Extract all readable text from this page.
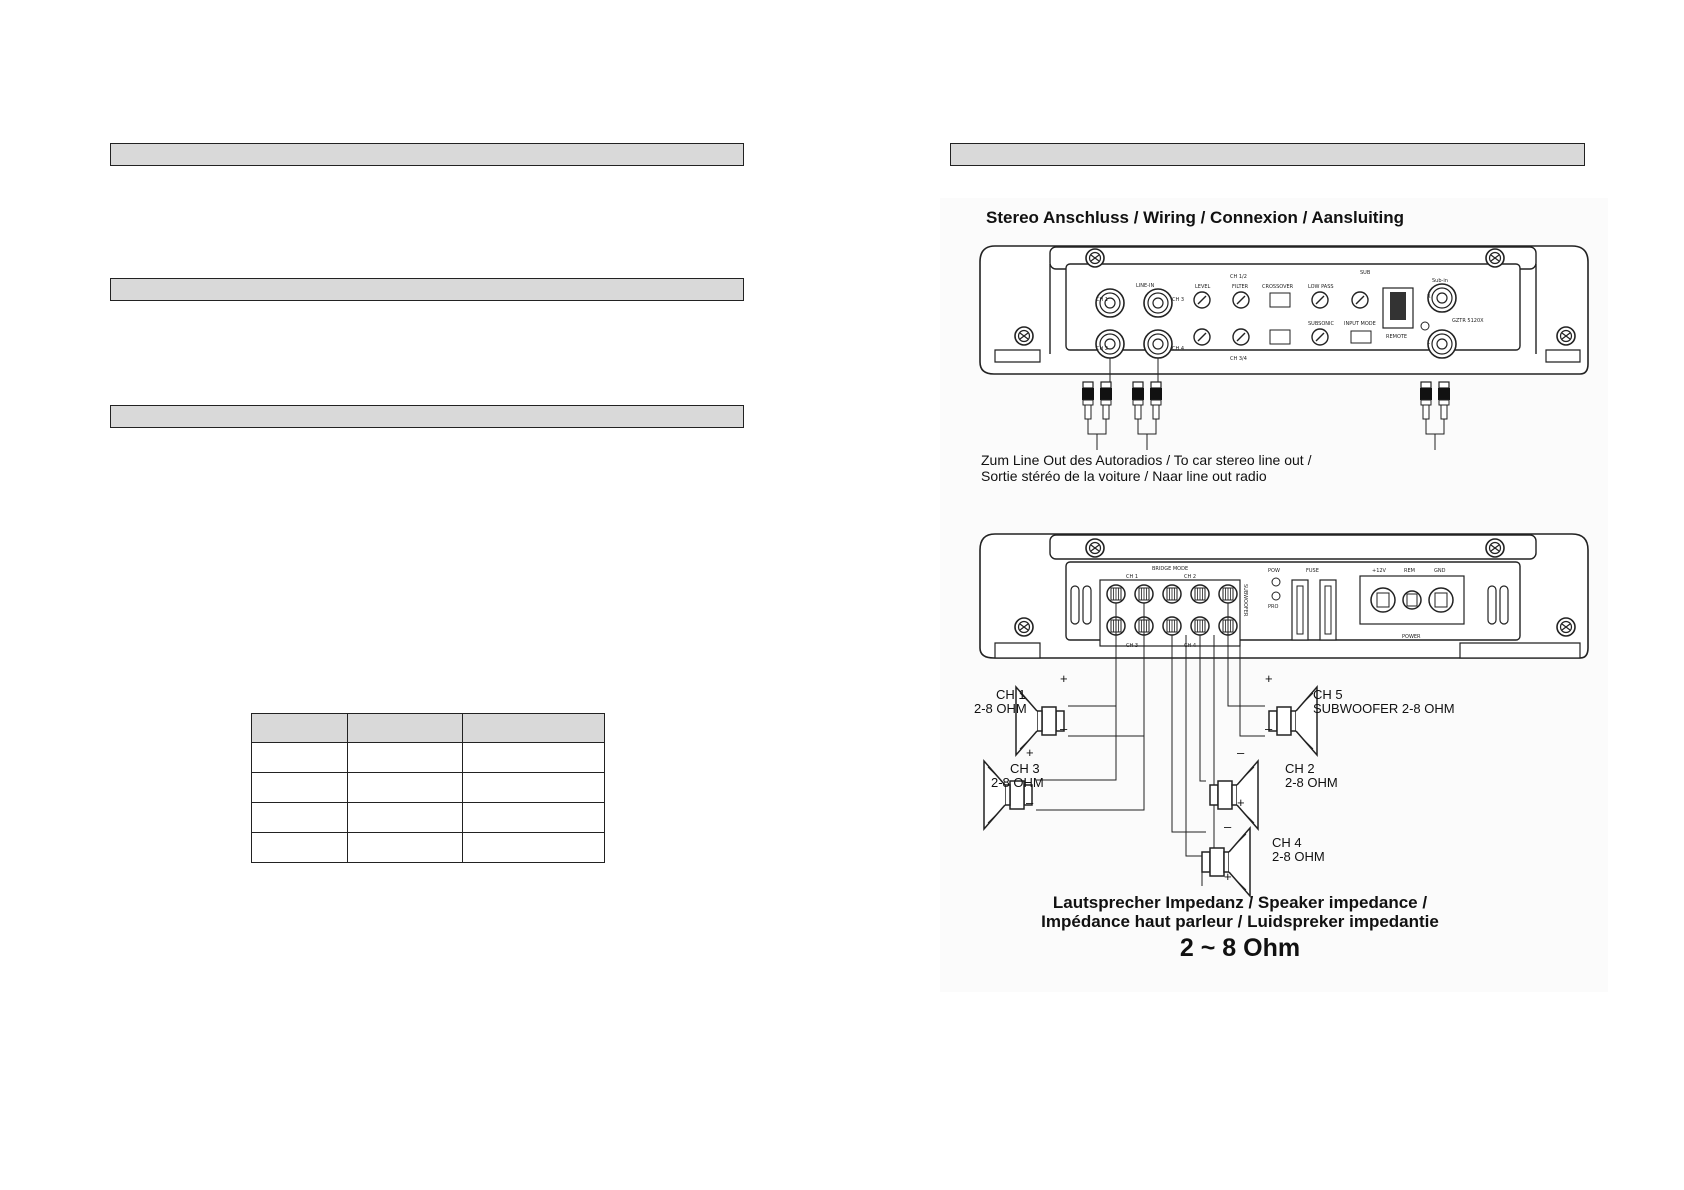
CH 1
CH 2
LINE-IN
CH 3
CH 4
CH 1/2
CH 3/4
SUB
LEVEL	FILTER	CROSSOVER	LOW PASS
SUBSONIC INPUT MODE
REMOTE
R
L
Sub-in
GZTR 5120X
BRIDGE MODE
CH 1	CH 2
CH 3	CH 4
SUBWOOFER
POW
PRO
FUSE	+12V	REM	GND
POWER
Stereo Anschluss / Wiring / Connexion / Aansluiting
Zum Line Out des Autoradios / To car stereo line out /
Sortie stéréo de la voiture / Naar line out radio
+
–
CH 1
2-8 OHM
+
–
CH 3
2-8 OHM
+
–
CH 5
SUBWOOFER 2-8 OHM
–
+
CH 2
2-8 OHM
–
+
CH 4
2-8 OHM
Lautsprecher Impedanz / Speaker impedance /
Impédance haut parleur / Luidspreker impedantie
2 ~ 8 Ohm
